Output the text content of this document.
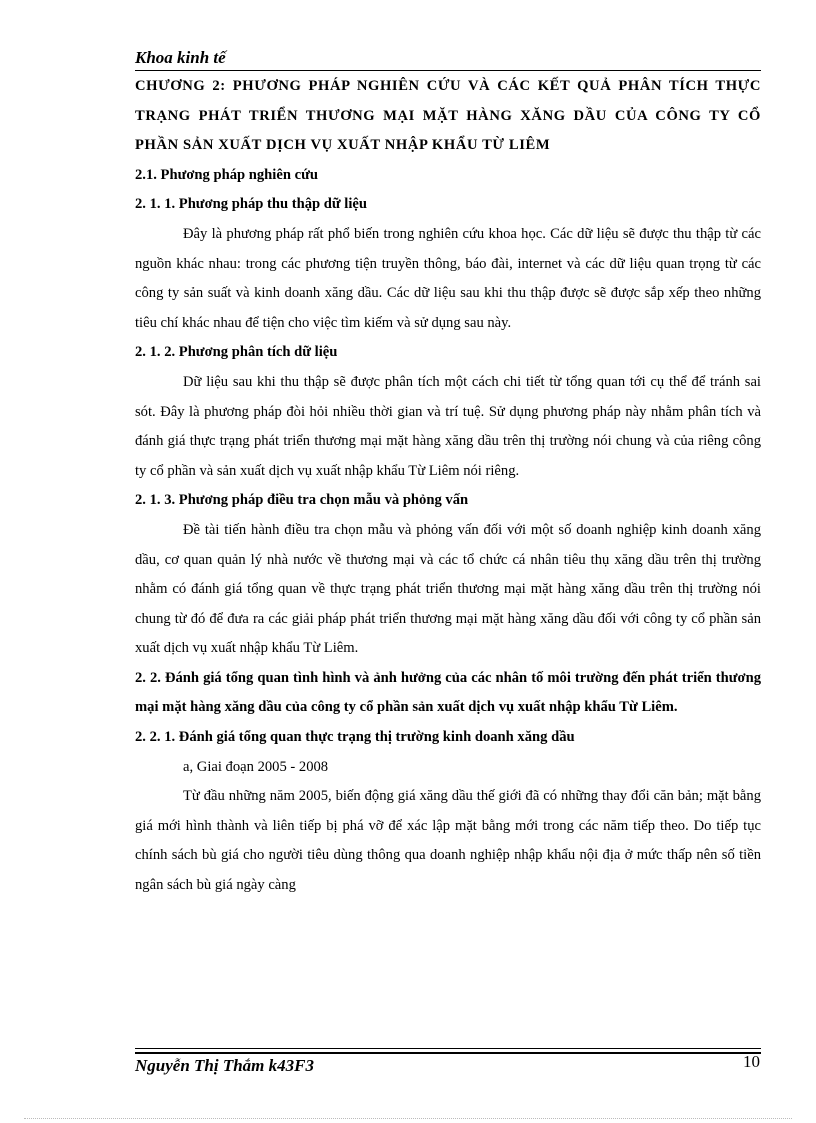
Khoa kinh tế
CHƯƠNG 2: PHƯƠNG PHÁP NGHIÊN CỨU VÀ CÁC KẾT QUẢ PHÂN TÍCH THỰC TRẠNG PHÁT TRIỂN THƯƠNG MẠI MẶT HÀNG XĂNG DẦU CỦA CÔNG TY CỔ PHẦN SẢN XUẤT DỊCH VỤ XUẤT NHẬP KHẨU TỪ LIÊM
2.1. Phương pháp nghiên cứu
2. 1. 1. Phương pháp thu thập dữ liệu

Đây là phương pháp rất phổ biến trong nghiên cứu khoa học. Các dữ liệu sẽ được thu thập từ các nguồn khác nhau: trong các phương tiện truyền thông, báo đài, internet và các dữ liệu quan trọng từ các công ty sản suất và kinh doanh xăng dầu. Các dữ liệu sau khi thu thập được sẽ được sắp xếp theo những tiêu chí khác nhau để tiện cho việc tìm kiếm và sử dụng sau này.

2. 1. 2. Phương phân tích dữ liệu

Dữ liệu sau khi thu thập sẽ được phân tích một cách chi tiết từ tổng quan tới cụ thể để tránh sai sót. Đây là phương pháp đòi hỏi nhiều thời gian và trí tuệ. Sử dụng phương pháp này nhằm phân tích và đánh giá thực trạng phát triển thương mại mặt hàng xăng dầu trên thị trường nói chung và của riêng công ty cổ phần và sản xuất dịch vụ xuất nhập khẩu Từ Liêm nói riêng.

2. 1. 3. Phương pháp điều tra chọn mẫu và phỏng vấn

Đề tài tiến hành điều tra chọn mẫu và phỏng vấn đối với một số doanh nghiệp kinh doanh xăng dầu, cơ quan quản lý nhà nước về thương mại và các tổ chức cá nhân tiêu thụ xăng dầu trên thị trường nhằm có đánh giá tổng quan về thực trạng phát triển thương mại mặt hàng xăng dầu trên thị trường nói chung từ đó để đưa ra các giải pháp phát triển thương mại mặt hàng xăng dầu đối với công ty cổ phần sản xuất dịch vụ xuất nhập khẩu Từ Liêm.

2. 2. Đánh giá tổng quan tình hình và ảnh hưởng của các nhân tố môi trường đến phát triển thương mại mặt hàng xăng dầu của công ty cổ phần sản xuất dịch vụ xuất nhập khẩu Từ Liêm.
2. 2. 1. Đánh giá tổng quan thực trạng thị trường kinh doanh xăng dầu
a, Giai đoạn 2005 - 2008

Từ đầu những năm 2005, biến động giá xăng dầu thế giới đã có những thay đổi căn bản; mặt bằng giá mới hình thành và liên tiếp bị phá vỡ để xác lập mặt bằng mới trong các năm tiếp theo. Do tiếp tục chính sách bù giá cho người tiêu dùng thông qua doanh nghiệp nhập khẩu nội địa ở mức thấp nên số tiền ngân sách bù giá ngày càng

Nguyễn Thị Thắm k43F3	10
